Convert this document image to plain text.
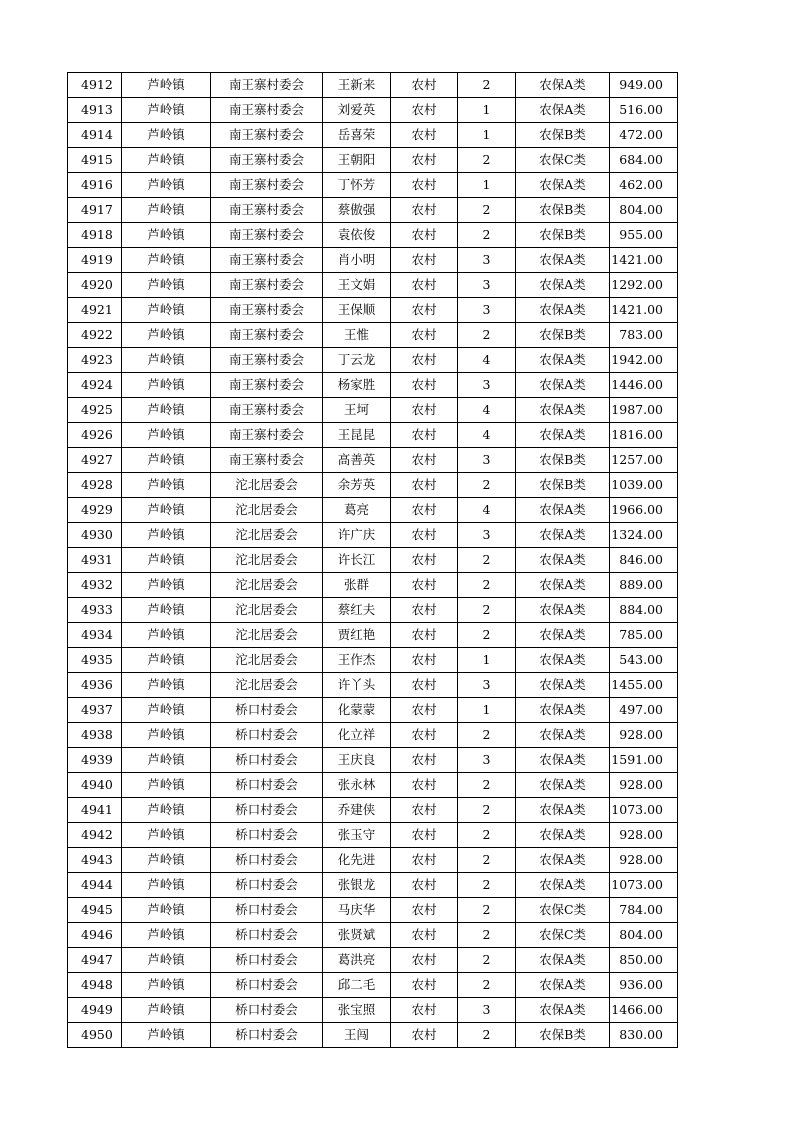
4912	芦岭镇	南王寨村委会	王新来	农村	2	农保A类	949.00
4913	芦岭镇	南王寨村委会	刘爱英	农村	1	农保A类	516.00
4914	芦岭镇	南王寨村委会	岳喜荣	农村	1	农保B类	472.00
4915	芦岭镇	南王寨村委会	王朝阳	农村	2	农保C类	684.00
4916	芦岭镇	南王寨村委会	丁怀芳	农村	1	农保A类	462.00
4917	芦岭镇	南王寨村委会	蔡傲强	农村	2	农保B类	804.00
4918	芦岭镇	南王寨村委会	袁依俊	农村	2	农保B类	955.00
4919	芦岭镇	南王寨村委会	肖小明	农村	3	农保A类	1421.00
4920	芦岭镇	南王寨村委会	王文娟	农村	3	农保A类	1292.00
4921	芦岭镇	南王寨村委会	王保顺	农村	3	农保A类	1421.00
4922	芦岭镇	南王寨村委会	王惟	农村	2	农保B类	783.00
4923	芦岭镇	南王寨村委会	丁云龙	农村	4	农保A类	1942.00
4924	芦岭镇	南王寨村委会	杨家胜	农村	3	农保A类	1446.00
4925	芦岭镇	南王寨村委会	王坷	农村	4	农保A类	1987.00
4926	芦岭镇	南王寨村委会	王昆昆	农村	4	农保A类	1816.00
4927	芦岭镇	南王寨村委会	高善英	农村	3	农保B类	1257.00
4928	芦岭镇	沱北居委会	余芳英	农村	2	农保B类	1039.00
4929	芦岭镇	沱北居委会	葛亮	农村	4	农保A类	1966.00
4930	芦岭镇	沱北居委会	许广庆	农村	3	农保A类	1324.00
4931	芦岭镇	沱北居委会	许长江	农村	2	农保A类	846.00
4932	芦岭镇	沱北居委会	张群	农村	2	农保A类	889.00
4933	芦岭镇	沱北居委会	蔡红夫	农村	2	农保A类	884.00
4934	芦岭镇	沱北居委会	贾红艳	农村	2	农保A类	785.00
4935	芦岭镇	沱北居委会	王作杰	农村	1	农保A类	543.00
4936	芦岭镇	沱北居委会	许丫头	农村	3	农保A类	1455.00
4937	芦岭镇	桥口村委会	化蒙蒙	农村	1	农保A类	497.00
4938	芦岭镇	桥口村委会	化立祥	农村	2	农保A类	928.00
4939	芦岭镇	桥口村委会	王庆良	农村	3	农保A类	1591.00
4940	芦岭镇	桥口村委会	张永林	农村	2	农保A类	928.00
4941	芦岭镇	桥口村委会	乔建侠	农村	2	农保A类	1073.00
4942	芦岭镇	桥口村委会	张玉守	农村	2	农保A类	928.00
4943	芦岭镇	桥口村委会	化先进	农村	2	农保A类	928.00
4944	芦岭镇	桥口村委会	张银龙	农村	2	农保A类	1073.00
4945	芦岭镇	桥口村委会	马庆华	农村	2	农保C类	784.00
4946	芦岭镇	桥口村委会	张贤斌	农村	2	农保C类	804.00
4947	芦岭镇	桥口村委会	葛洪亮	农村	2	农保A类	850.00
4948	芦岭镇	桥口村委会	邱二毛	农村	2	农保A类	936.00
4949	芦岭镇	桥口村委会	张宝照	农村	3	农保A类	1466.00
4950	芦岭镇	桥口村委会	王闯	农村	2	农保B类	830.00
